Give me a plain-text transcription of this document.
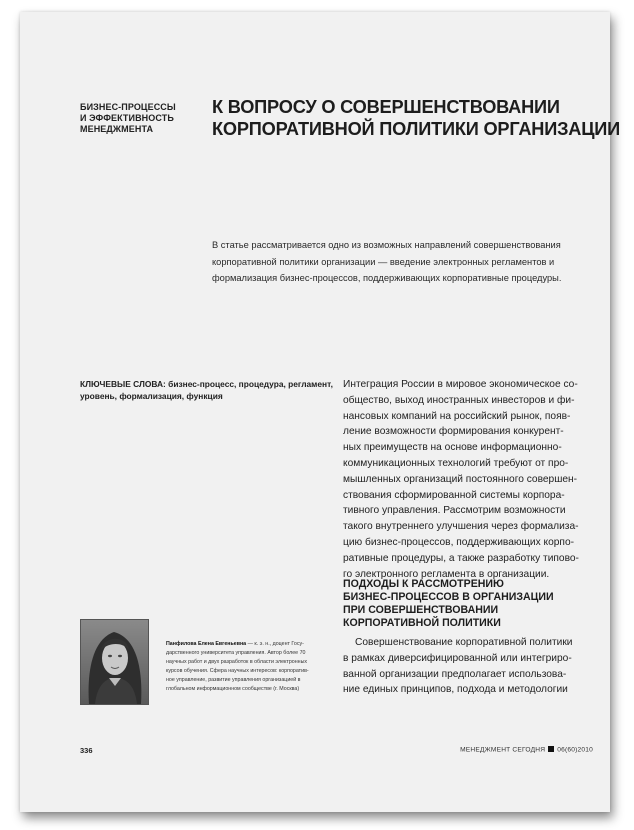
БИЗНЕС-ПРОЦЕССЫ
И ЭФФЕКТИВНОСТЬ
МЕНЕДЖМЕНТА
К ВОПРОСУ О СОВЕРШЕНСТВОВАНИИ
КОРПОРАТИВНОЙ ПОЛИТИКИ ОРГАНИЗАЦИИ
В статье рассматривается одно из возможных направлений совершенствования
корпоративной политики организации — введение электронных регламентов и
формализация бизнес-процессов, поддерживающих корпоративные процедуры.
КЛЮЧЕВЫЕ СЛОВА: бизнес-процесс, процедура, регламент,
уровень, формализация, функция
Интеграция России в мировое экономическое со-
общество, выход иностранных инвесторов и фи-
нансовых компаний на российский рынок, появ-
ление возможности формирования конкурент-
ных преимуществ на основе информационно-
коммуникационных технологий требуют от про-
мышленных организаций постоянного совершен-
ствования сформированной системы корпора-
тивного управления. Рассмотрим возможности
такого внутреннего улучшения через формализа-
цию бизнес-процессов, поддерживающих корпо-
ративные процедуры, а также разработку типово-
го электронного регламента в организации.
ПОДХОДЫ К РАССМОТРЕНИЮ
БИЗНЕС-ПРОЦЕССОВ В ОРГАНИЗАЦИИ
ПРИ СОВЕРШЕНСТВОВАНИИ
КОРПОРАТИВНОЙ ПОЛИТИКИ
Совершенствование корпоративной политики
в рамках диверсифицированной или интегриро-
ванной организации предполагает использова-
ние единых принципов, подхода и методологии
Панфилова Елена Евгеньевна — к. э. н., доцент Госу-
дарственного университета управления. Автор более 70
научных работ и двух разработок в области электронных
курсов обучения. Сфера научных интересов: корпоратив-
ное управление, развитие управления организацией в
глобальном информационном сообществе (г. Москва)
336	МЕНЕДЖМЕНТ СЕГОДНЯ 06(60)2010
